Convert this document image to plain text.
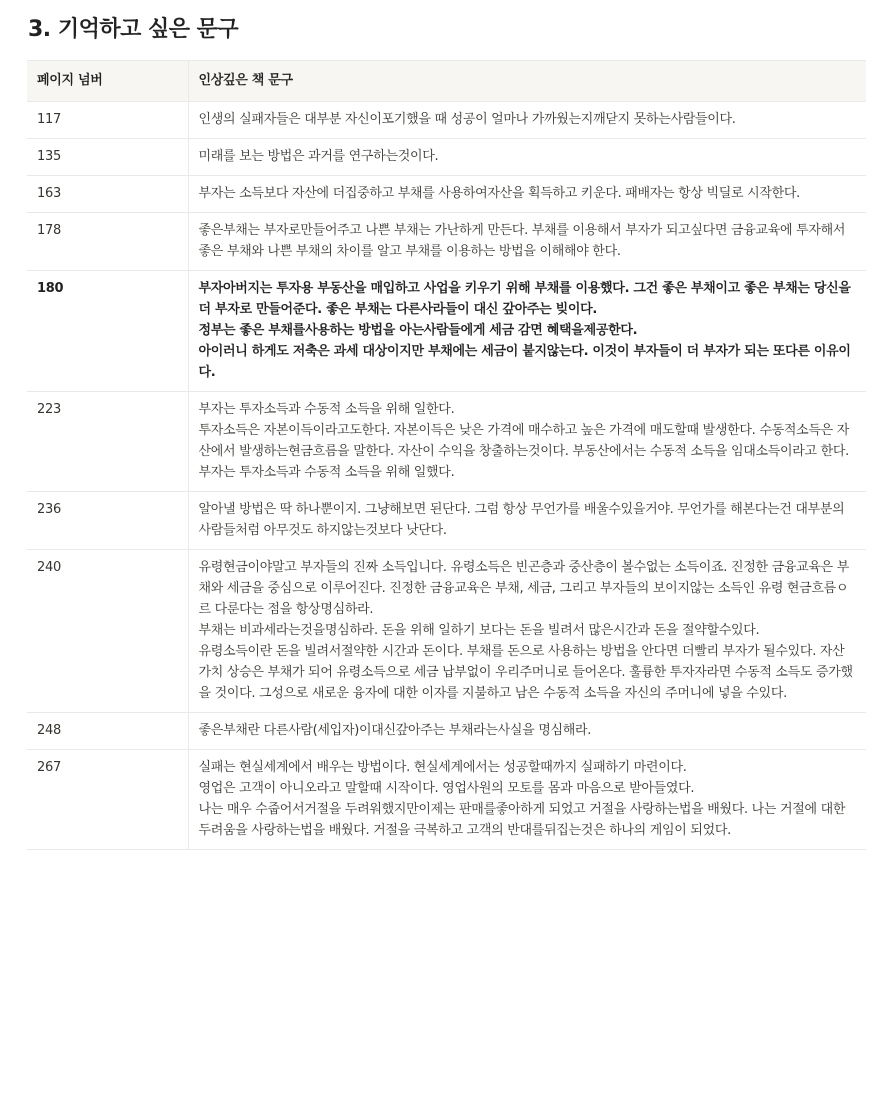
3. 기억하고 싶은 문구
페이지 넘버	인상깊은 책 문구
117	인생의 실패자들은 대부분 자신이포기했을 때 성공이 얼마나 가까웠는지깨닫지 못하는사람들이다.

135	미래를 보는 방법은 과거를 연구하는것이다.

163	부자는 소득보다 자산에 더집중하고 부채를 사용하여자산을 획득하고 키운다. 패배자는 항상 빅딜로 시작한다.

178	좋은부채는 부자로만들어주고 나쁜 부채는 가난하게 만든다. 부채를 이용해서 부자가 되고싶다면 금융교육에 투자해서 좋은 부채와 나쁜 부채의 차이를 알고 부채를 이용하는 방법을 이해해야 한다.

180	부자아버지는 투자용 부동산을 매입하고 사업을 키우기 위해 부채를 이용했다. 그건 좋은 부채이고 좋은 부채는 당신을 더 부자로 만들어준다. 좋은 부채는 다른사라들이 대신 갚아주는 빚이다.
정부는 좋은 부채를사용하는 방법을 아는사람들에게 세금 감면 혜택을제공한다.
아이러니 하게도 저축은 과세 대상이지만 부채에는 세금이 붙지않는다. 이것이 부자들이 더 부자가 되는 또다른 이유이다.

223	부자는 투자소득과 수동적 소득을 위해 일한다.
투자소득은 자본이득이라고도한다. 자본이득은 낮은 가격에 매수하고 높은 가격에 매도할때 발생한다. 수동적소득은 자산에서 발생하는현금흐름을 말한다. 자산이 수익을 창출하는것이다. 부동산에서는 수동적 소득을 임대소득이라고 한다. 부자는 투자소득과 수동적 소득을 위해 일했다.

236	알아낼 방법은 딱 하나뿐이지. 그냥해보면 된단다. 그럼 항상 무언가를 배울수있을거야. 무언가를 해본다는건 대부분의사람들처럼 아무것도 하지않는것보다 낫단다.

240	유령현금이야말고 부자들의 진짜 소득입니다. 유령소득은 빈곤층과 중산층이 볼수없는 소득이죠. 진정한 금융교육은 부채와 세금을 중심으로 이루어진다. 진정한 금융교육은 부채, 세금, 그리고 부자들의 보이지않는 소득인 유령 현금흐름ㅇ르 다룬다는 점을 항상명심하라.
부채는 비과세라는것을명심하라. 돈을 위해 일하기 보다는 돈을 빌려서 많은시간과 돈을 절약할수있다.
유령소득이란 돈을 빌려서절약한 시간과 돈이다. 부채를 돈으로 사용하는 방법을 안다면 더빨리 부자가 될수있다. 자산가치 상승은 부채가 되어 유령소득으로 세금 납부없이 우리주머니로 들어온다. 훌륭한 투자자라면 수동적 소득도 증가했을 것이다. 그성으로 새로운 융자에 대한 이자를 지불하고 남은 수동적 소득을 자신의 주머니에 넣을 수있다.

248	좋은부채란 다른사람(세입자)이대신갚아주는 부채라는사실을 명심해라.

267	실패는 현실세계에서 배우는 방법이다. 현실세계에서는 성공할때까지 실패하기 마련이다.
영업은 고객이 아니오라고 말할때 시작이다. 영업사원의 모토를 몸과 마음으로 받아들였다.
나는 매우 수줍어서거절을 두려워했지만이제는 판매를좋아하게 되었고 거절을 사랑하는법을 배웠다. 나는 거절에 대한 두려움을 사랑하는법을 배웠다. 거절을 극복하고 고객의 반대를뒤집는것은 하나의 게임이 되었다.
